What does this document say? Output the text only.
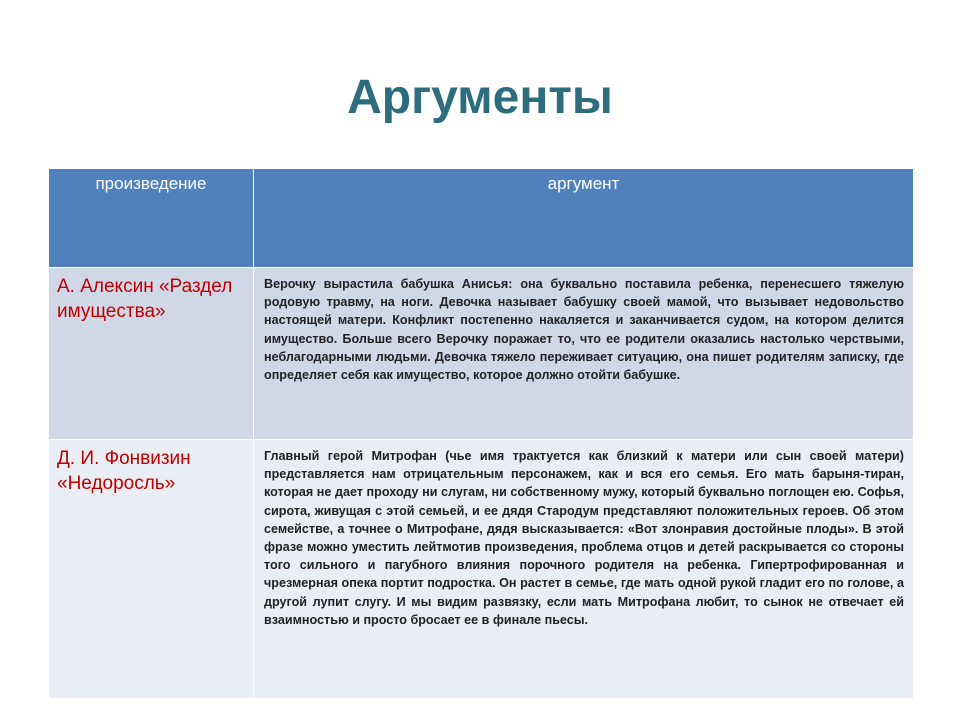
Аргументы
произведение	аргумент
А. Алексин «Раздел имущества»	Верочку вырастила бабушка Анисья: она буквально поставила ребенка, перенесшего тяжелую родовую травму, на ноги. Девочка называет бабушку своей мамой, что вызывает недовольство настоящей матери. Конфликт постепенно накаляется и заканчивается судом, на котором делится имущество. Больше всего Верочку поражает то, что ее родители оказались настолько черствыми, неблагодарными людьми. Девочка тяжело переживает ситуацию, она пишет родителям записку, где определяет себя как имущество, которое должно отойти бабушке.
Д. И. Фонвизин «Недоросль»	Главный герой Митрофан (чье имя трактуется как близкий к матери или сын своей матери) представляется нам отрицательным персонажем, как и вся его семья. Его мать барыня-тиран, которая не дает проходу ни слугам, ни собственному мужу, который буквально поглощен ею. Софья, сирота, живущая с этой семьей, и ее дядя Стародум представляют положительных героев. Об этом семействе, а точнее о Митрофане, дядя высказывается: «Вот злонравия достойные плоды». В этой фразе можно уместить лейтмотив произведения, проблема отцов и детей раскрывается со стороны того сильного и пагубного влияния порочного родителя на ребенка. Гипертрофированная и чрезмерная опека портит подростка. Он растет в семье, где мать одной рукой гладит его по голове, а другой лупит слугу. И мы видим развязку, если мать Митрофана любит, то сынок не отвечает ей взаимностью и просто бросает ее в финале пьесы.
